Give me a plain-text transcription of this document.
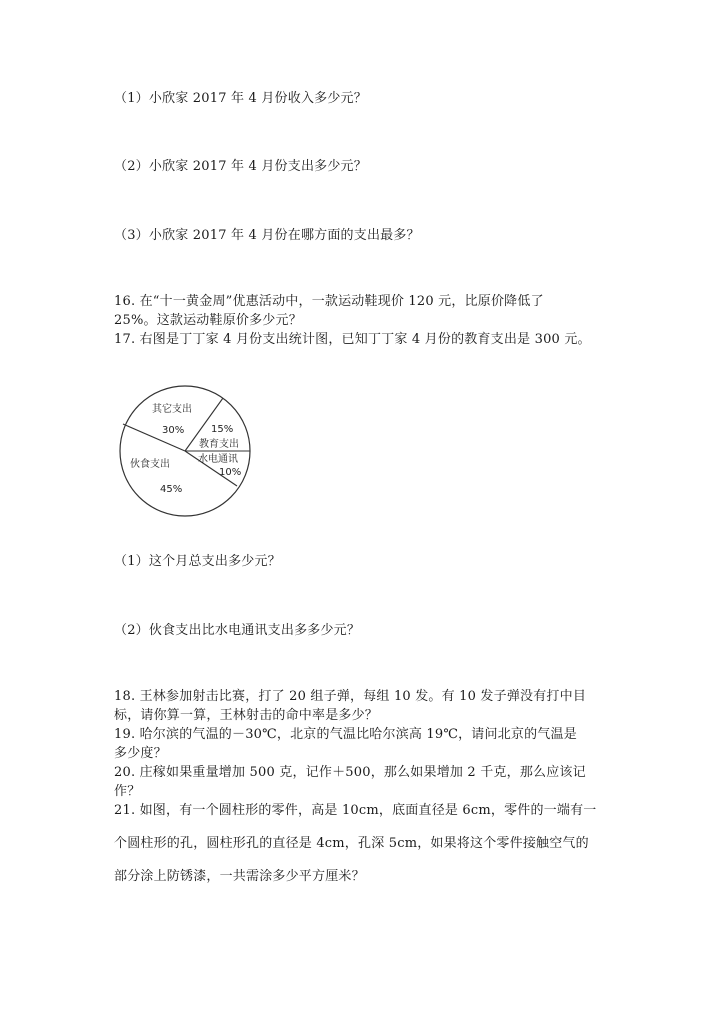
（1）小欣家 2017 年 4 月份收入多少元？
（2）小欣家 2017 年 4 月份支出多少元？
（3）小欣家 2017 年 4 月份在哪方面的支出最多？
16. 在“十一黄金周”优惠活动中，一款运动鞋现价 120 元，比原价降低了
25%。这款运动鞋原价多少元？
17. 右图是丁丁家 4 月份支出统计图，已知丁丁家 4 月份的教育支出是 300 元。
其它支出
30%	15%
教育支出
水电通讯
10%
伙食支出
45%
（1）这个月总支出多少元？
（2）伙食支出比水电通讯支出多多少元？
18. 王林参加射击比赛，打了 20 组子弹，每组 10 发。有 10 发子弹没有打中目
标，请你算一算，王林射击的命中率是多少？
19. 哈尔滨的气温的－30℃，北京的气温比哈尔滨高 19℃，请问北京的气温是
多少度？
20. 庄稼如果重量增加 500 克，记作＋500，那么如果增加 2 千克，那么应该记
作？
21. 如图，有一个圆柱形的零件，高是 10cm，底面直径是 6cm，零件的一端有一
个圆柱形的孔，圆柱形孔的直径是 4cm，孔深 5cm，如果将这个零件接触空气的
部分涂上防锈漆，一共需涂多少平方厘米？
